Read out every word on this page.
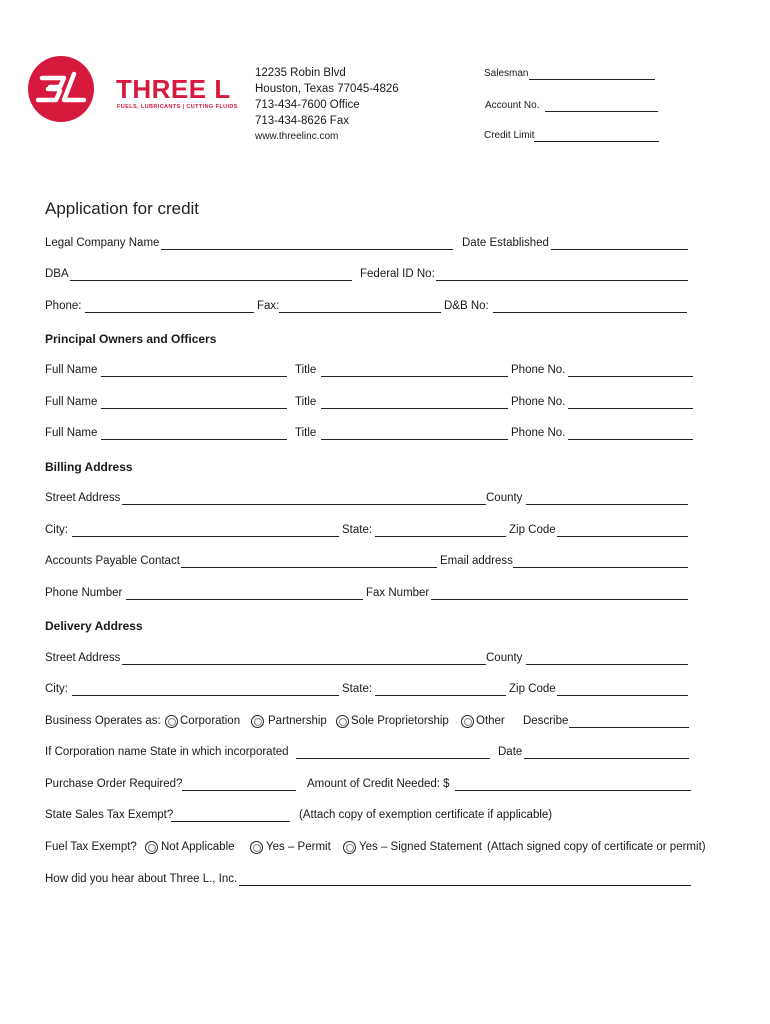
THREE L
FUELS, LUBRICANTS | CUTTING FLUIDS
12235 Robin Blvd
Houston, Texas 77045-4826
713-434-7600 Office
713-434-8626 Fax
www.threelinc.com
Salesman
Account No.
Credit Limit
Application for credit
Legal Company Name	Date Established
DBA	Federal ID No:
Phone:	Fax:	D&B No:
Principal Owners and Officers
Full Name	Title	Phone No.
Full Name	Title	Phone No.
Full Name	Title	Phone No.
Billing Address
Street Address	County
City:	State:	Zip Code
Accounts Payable Contact	Email address
Phone Number	Fax Number
Delivery Address
Street Address	County
City:	State:	Zip Code
Business Operates as: Corporation Partnership Sole Proprietorship Other Describe
If Corporation name State in which incorporated	Date
Purchase Order Required?	Amount of Credit Needed: $
State Sales Tax Exempt?	(Attach copy of exemption certificate if applicable)
Fuel Tax Exempt? Not Applicable	Yes – Permit Yes – Signed Statement (Attach signed copy of certificate or permit)
How did you hear about Three L., Inc.
